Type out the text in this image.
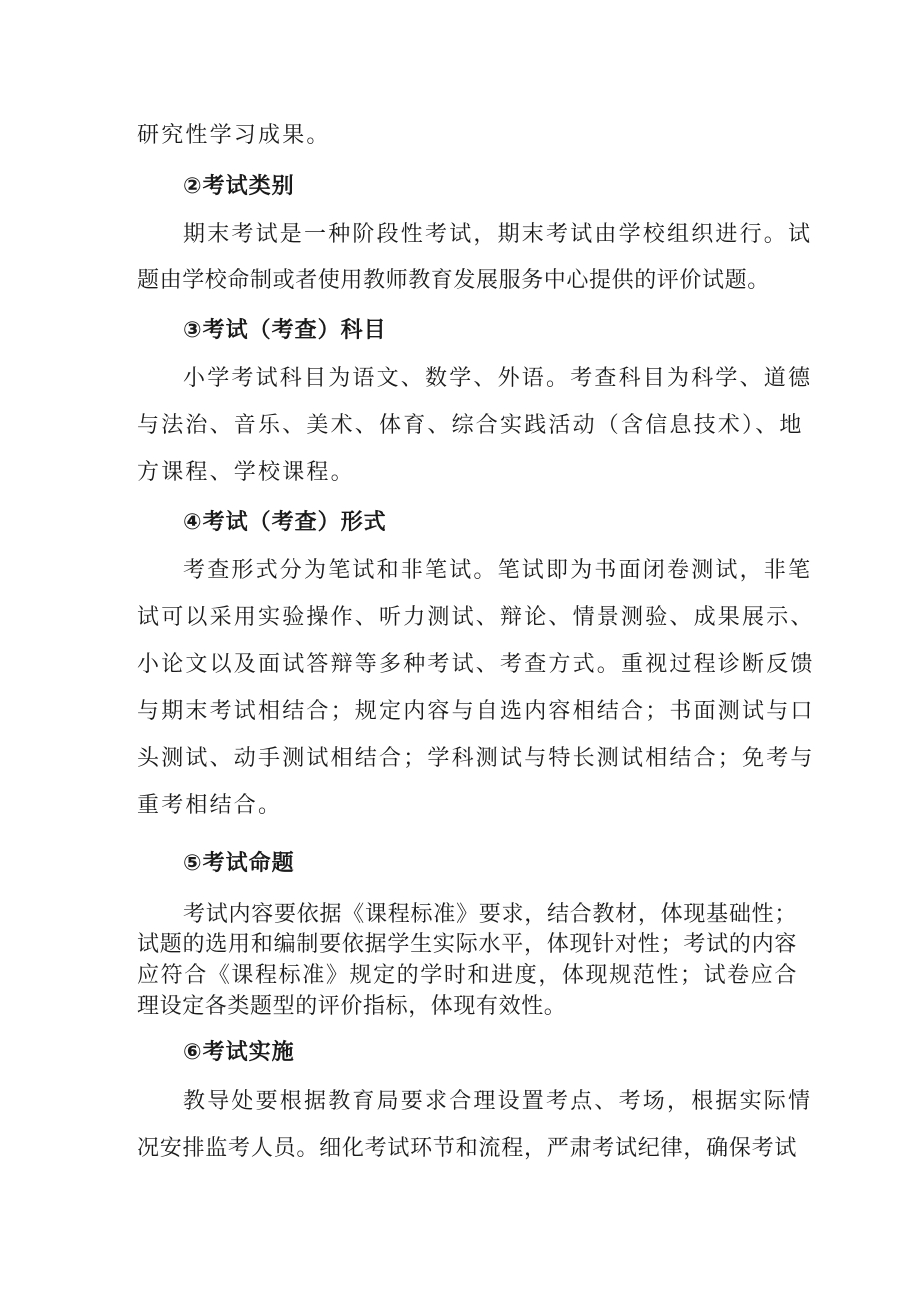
研究性学习成果。
②考试类别
期末考试是一种阶段性考试，期末考试由学校组织进行。试
题由学校命制或者使用教师教育发展服务中心提供的评价试题。
③考试（考查）科目
小学考试科目为语文、数学、外语。考查科目为科学、道德
与法治、音乐、美术、体育、综合实践活动（含信息技术）、地
方课程、学校课程。
④考试（考查）形式
考查形式分为笔试和非笔试。笔试即为书面闭卷测试，非笔
试可以采用实验操作、听力测试、辩论、情景测验、成果展示、
小论文以及面试答辩等多种考试、考查方式。重视过程诊断反馈
与期末考试相结合；规定内容与自选内容相结合；书面测试与口
头测试、动手测试相结合；学科测试与特长测试相结合；免考与
重考相结合。
⑤考试命题
考试内容要依据《课程标准》要求，结合教材，体现基础性；
试题的选用和编制要依据学生实际水平，体现针对性；考试的内容
应符合《课程标准》规定的学时和进度，体现规范性；试卷应合
理设定各类题型的评价指标，体现有效性。
⑥考试实施
教导处要根据教育局要求合理设置考点、考场，根据实际情
况安排监考人员。细化考试环节和流程，严肃考试纪律，确保考试
